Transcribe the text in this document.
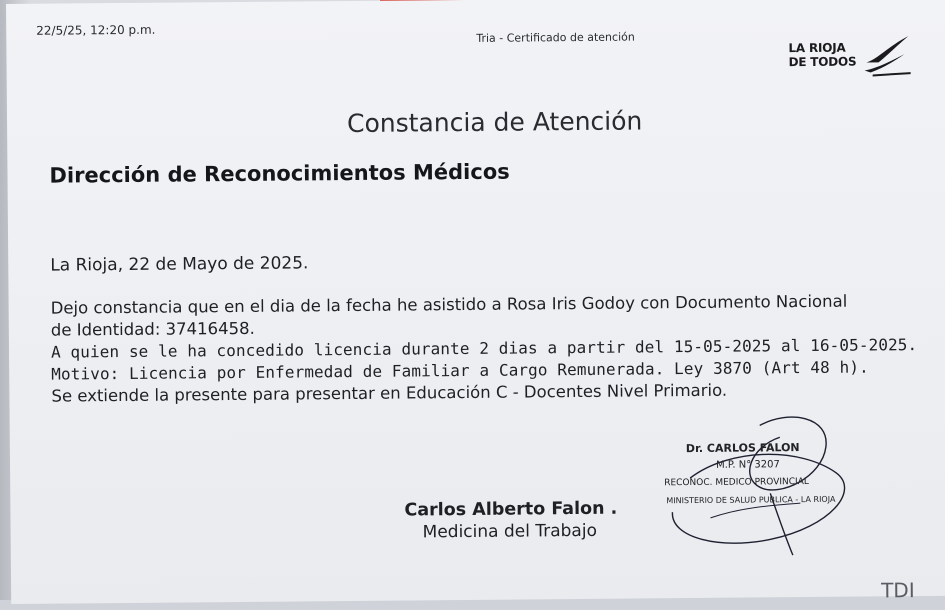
22/5/25, 12:20 p.m.	Tria - Certificado de atención
LA RIOJA
DE TODOS
Constancia de Atención
Dirección de Reconocimientos Médicos
La Rioja, 22 de Mayo de 2025.
Dejo constancia que en el dia de la fecha he asistido a Rosa Iris Godoy con Documento Nacional
de Identidad: 37416458.
A quien se le ha concedido licencia durante 2 dias a partir del 15-05-2025 al 16-05-2025.
Motivo: Licencia por Enfermedad de Familiar a Cargo Remunerada. Ley 3870 (Art 48 h).
Se extiende la presente para presentar en Educación C - Docentes Nivel Primario.
Carlos Alberto Falon .
Medicina del Trabajo
Dr. CARLOS FALON
M.P. N° 3207
RECONOC. MEDICO PROVINCIAL
MINISTERIO DE SALUD PUBLICA - LA RIOJA
TDI
